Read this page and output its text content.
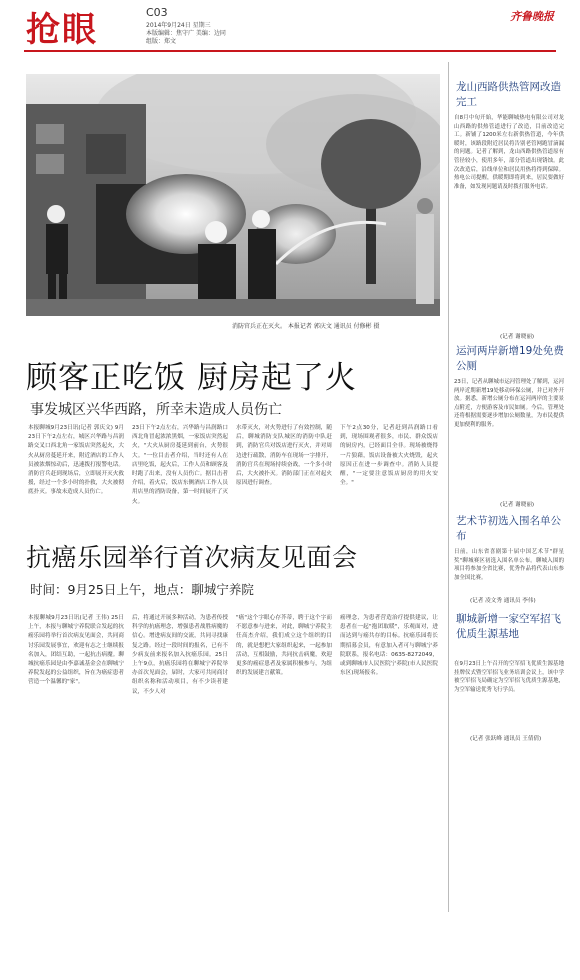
抢眼	C03
2014年9月24日 星期三
本版编辑：焦守广 美编：边同
组版：郑文
齐鲁晚报
消防官兵正在灭火。 本报记者 郭庆文 通讯员 付修彬 摄
顾客正吃饭 厨房起了火
事发城区兴华西路，所幸未造成人员伤亡
本报聊城9月23日讯(记者 郭庆文) 9月23日下午2点左右，城区兴华路与昌润路交叉口西北角一家饭店突然起火，大火从厨房蔓延开来，附近酒店的工作人员被浓烟惊动后，迅速拨打报警电话。消防官兵赶到现场后，立即展开灭火救援，经过一个多小时的扑救，大火被彻底扑灭。事故未造成人员伤亡。
23日下午2点左右，兴华路与昌润路口西北角冒起浓浓黑烟，一家饭店突然起火，"大火从厨房蔓延到前台，火势很大。"一位目击者介绍，当时还有人在店里吃饭，起火后，工作人员和顾客及时跑了出来，没有人员伤亡。据目击者介绍，着火后，饭店东侧酒店工作人员用店里的消防设备，第一时间展开了灭火。
水带灭火，对火势进行了有效控制，随后，聊城消防支队城区的消防中队赶到，消防官兵对饭店进行灭火，并对周边进行疏散，消防车在现场一字排开，消防官兵在现场持续奋战，一个多小时后，大火被扑灭。消防部门正在对起火原因进行调查。
下午2点30分，记者赶到昌润路口看到，现场围观者很多，市民、群众饭店的厨房内，已经面目全非。现场被烧得一片狼藉，饭店设备被大火烧毁，起火原因正在进一步调查中。消防人员提醒，"一定要注意饭店厨房的用火安全。"
抗癌乐园举行首次病友见面会
时间：9月25日上午，地点：聊城宁养院
本报聊城9月23日讯(记者 王伟) 25日上午，本报与聊城宁养院联合发起的抗癌乐园将举行首次病友见面会，共同商讨乐园发展事宜，欢迎有志之士继续报名加入，团结互助，一起抗击病魔。聊城抗癌乐园是由李嘉诚基金会在聊城宁养院发起的公益组织，旨在为癌症患者营造一个温馨的"家"。
后，将通过开展多种活动，为患者传授科学的抗癌理念，增强患者战胜病魔的信心。增进病友间的交流，共同寻找康复之路。经过一段时间的报名，已有不少病友前来报名加入抗癌乐园。25日上午9点，抗癌乐园将在聊城宁养院举办首次见面会，届时，大家可共同商讨组织名称和活动项目，有不少读者建议，不少人对
"癌"这个字眼心存芥蒂，聘于这个字而不愿意参与进来，对此，聊城宁养院主任高杰介绍，我们成立这个组织的目的，就是想把大家组织起来，一起参加活动，互相鼓励，共同抗击病魔，欢迎更多的癌症患者及家属积极参与，为组织的发展建言献策。
癌理念，为患者营造治疗提供建议，让患者在一起"抱团取暖"，乐观面对，进而达到与癌共存的目标。抗癌乐园将长期招募会员，有意加入者可与聊城宁养院联系，报名电话：0635-8272049，或到聊城市人民医院宁养院(市人民医院东区)现场报名。
龙山西路供热管网改造完工
自8月中旬开始，华能聊城热电有限公司对龙山西路的供热管道进行了改造，目前改造完工。新铺了1200米左右新供热管道，今年供暖时，该路段附近居民将告别老管网跑冒滴漏的问题。记者了解到，龙山西路供热管道原有管径较小，使用多年，部分管道出现锈蚀。此次改造后，沿线单位和居民用热将得到保障。热电公司提醒，供暖期即将到来，居民要做好准备，如发现问题请及时拨打服务电话。
(记者 谢晓丽)
运河两岸新增19处免费公厕
23日，记者从聊城市运河管理处了解到，运河两岸近期新增19处移动环保公厕，并已对外开放。据悉，新增公厕分布在运河两岸的主要景点附近，方便游客及市民如厕。今后，管理处还将根据需要逐步增加公厕数量，为市民提供更加便利的服务。
(记者 谢晓丽)
艺术节初选入围名单公布
日前，山东省喜剧第十届中国艺术节"群星奖"聊城赛区初选入围名单公布。聊城入围的项目将参加全省比赛，优秀作品将代表山东参加全国比赛。
(记者 凌文秀 通讯员 李伟)
聊城新增一家空军招飞优质生源基地
在9月23日上午召开的空军招飞优质生源基地挂牌仪式暨空军招飞业务培训会议上，该中学被空军招飞局确定为空军招飞优质生源基地，为空军输送优秀飞行学员。
(记者 张跃峰 通讯员 王倩倩)
